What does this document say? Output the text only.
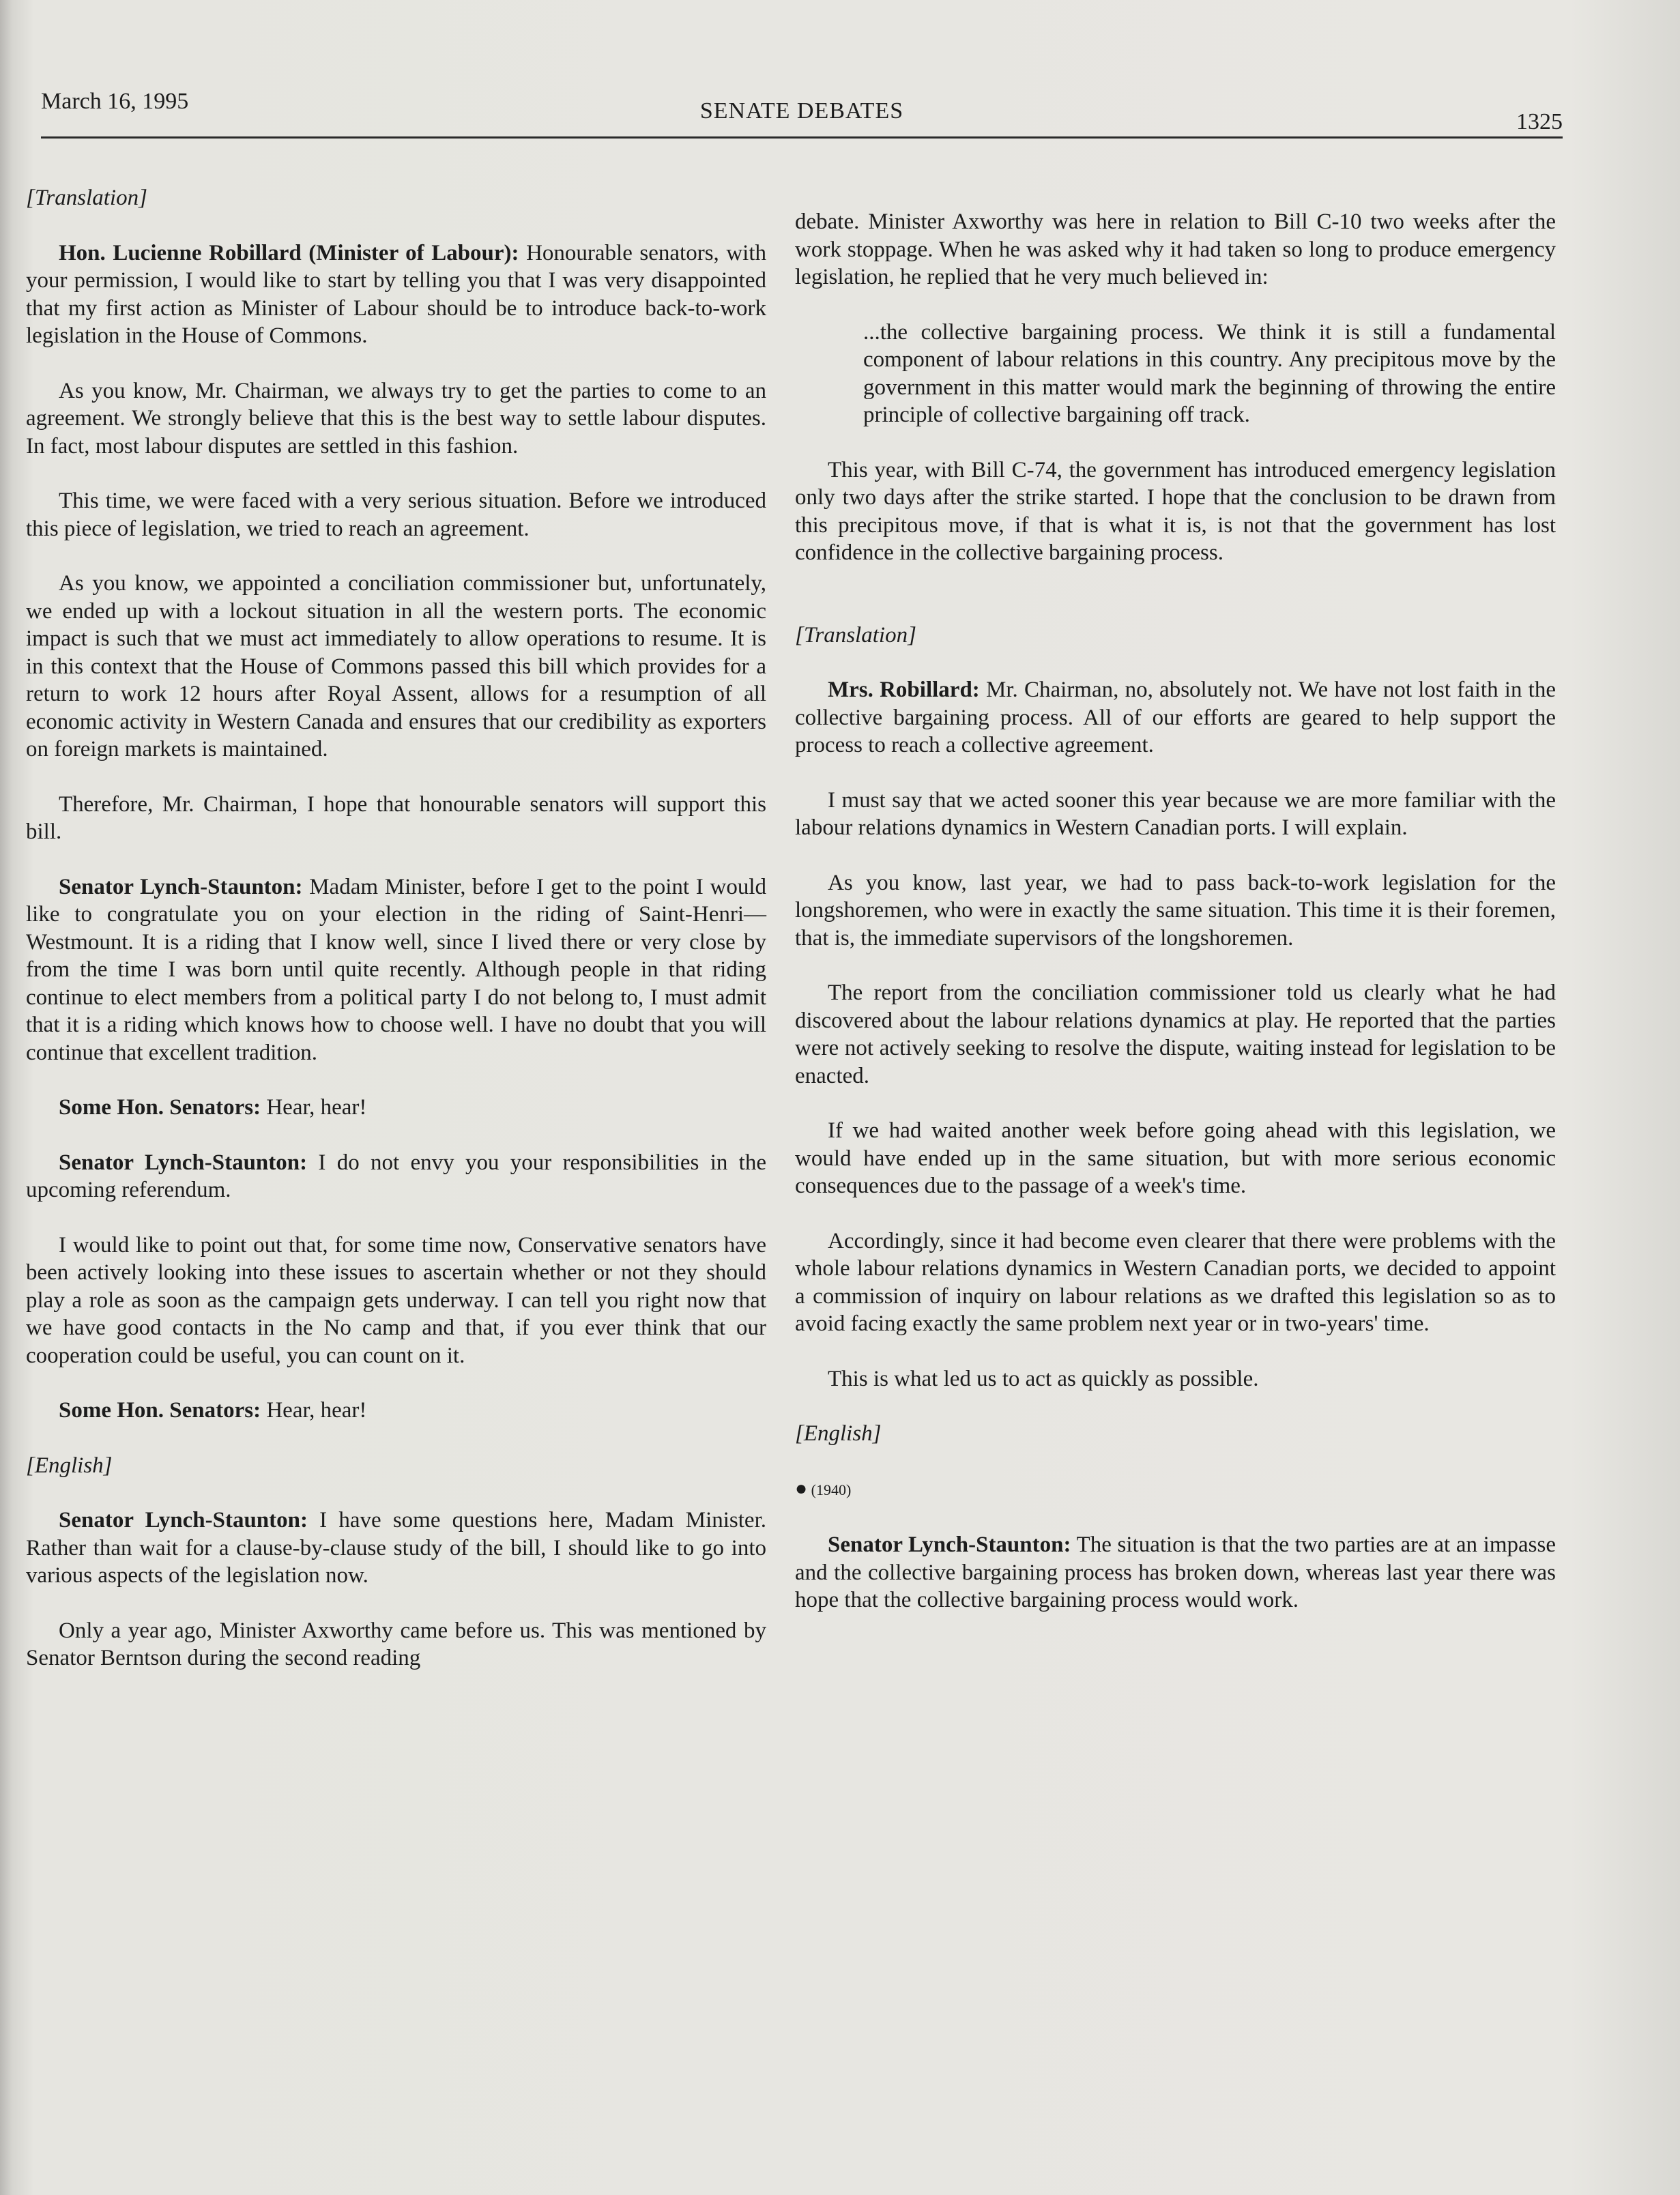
March 16, 1995	SENATE DEBATES	1325

[Translation]

Hon. Lucienne Robillard (Minister of Labour): Honourable senators, with your permission, I would like to start by telling you that I was very disappointed that my first action as Minister of Labour should be to introduce back-to-work legislation in the House of Commons.

As you know, Mr. Chairman, we always try to get the parties to come to an agreement. We strongly believe that this is the best way to settle labour disputes. In fact, most labour disputes are settled in this fashion.

This time, we were faced with a very serious situation. Before we introduced this piece of legislation, we tried to reach an agreement.

As you know, we appointed a conciliation commissioner but, unfortunately, we ended up with a lockout situation in all the western ports. The economic impact is such that we must act immediately to allow operations to resume. It is in this context that the House of Commons passed this bill which provides for a return to work 12 hours after Royal Assent, allows for a resumption of all economic activity in Western Canada and ensures that our credibility as exporters on foreign markets is maintained.

Therefore, Mr. Chairman, I hope that honourable senators will support this bill.

Senator Lynch-Staunton: Madam Minister, before I get to the point I would like to congratulate you on your election in the riding of Saint-Henri—Westmount. It is a riding that I know well, since I lived there or very close by from the time I was born until quite recently. Although people in that riding continue to elect members from a political party I do not belong to, I must admit that it is a riding which knows how to choose well. I have no doubt that you will continue that excellent tradition.

Some Hon. Senators: Hear, hear!

Senator Lynch-Staunton: I do not envy you your responsibilities in the upcoming referendum.

I would like to point out that, for some time now, Conservative senators have been actively looking into these issues to ascertain whether or not they should play a role as soon as the campaign gets underway. I can tell you right now that we have good contacts in the No camp and that, if you ever think that our cooperation could be useful, you can count on it.

Some Hon. Senators: Hear, hear!

[English]

Senator Lynch-Staunton: I have some questions here, Madam Minister. Rather than wait for a clause-by-clause study of the bill, I should like to go into various aspects of the legislation now.

Only a year ago, Minister Axworthy came before us. This was mentioned by Senator Berntson during the second reading

debate. Minister Axworthy was here in relation to Bill C-10 two weeks after the work stoppage. When he was asked why it had taken so long to produce emergency legislation, he replied that he very much believed in:

...the collective bargaining process. We think it is still a fundamental component of labour relations in this country. Any precipitous move by the government in this matter would mark the beginning of throwing the entire principle of collective bargaining off track.

This year, with Bill C-74, the government has introduced emergency legislation only two days after the strike started. I hope that the conclusion to be drawn from this precipitous move, if that is what it is, is not that the government has lost confidence in the collective bargaining process.

[Translation]

Mrs. Robillard: Mr. Chairman, no, absolutely not. We have not lost faith in the collective bargaining process. All of our efforts are geared to help support the process to reach a collective agreement.

I must say that we acted sooner this year because we are more familiar with the labour relations dynamics in Western Canadian ports. I will explain.

As you know, last year, we had to pass back-to-work legislation for the longshoremen, who were in exactly the same situation. This time it is their foremen, that is, the immediate supervisors of the longshoremen.

The report from the conciliation commissioner told us clearly what he had discovered about the labour relations dynamics at play. He reported that the parties were not actively seeking to resolve the dispute, waiting instead for legislation to be enacted.

If we had waited another week before going ahead with this legislation, we would have ended up in the same situation, but with more serious economic consequences due to the passage of a week's time.

Accordingly, since it had become even clearer that there were problems with the whole labour relations dynamics in Western Canadian ports, we decided to appoint a commission of inquiry on labour relations as we drafted this legislation so as to avoid facing exactly the same problem next year or in two-years' time.

This is what led us to act as quickly as possible.

[English]

● (1940)

Senator Lynch-Staunton: The situation is that the two parties are at an impasse and the collective bargaining process has broken down, whereas last year there was hope that the collective bargaining process would work.
